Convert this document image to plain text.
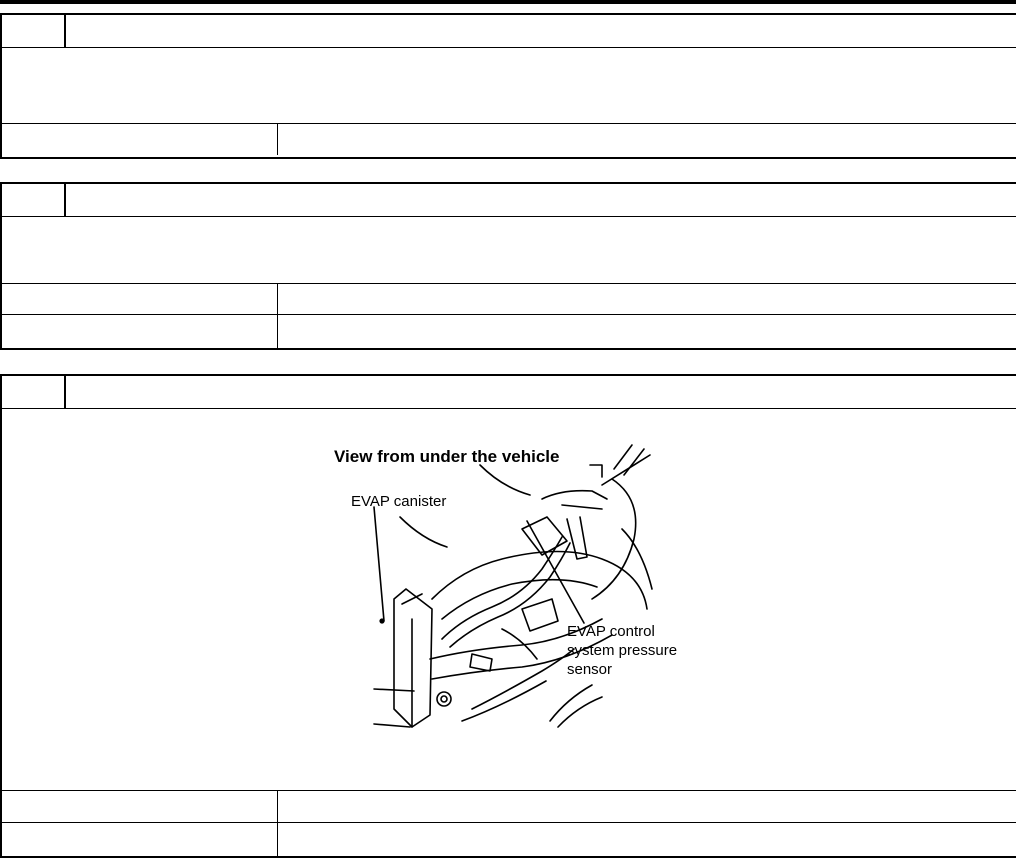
View from under the vehicle
EVAP canister
EVAP control
system pressure
sensor
